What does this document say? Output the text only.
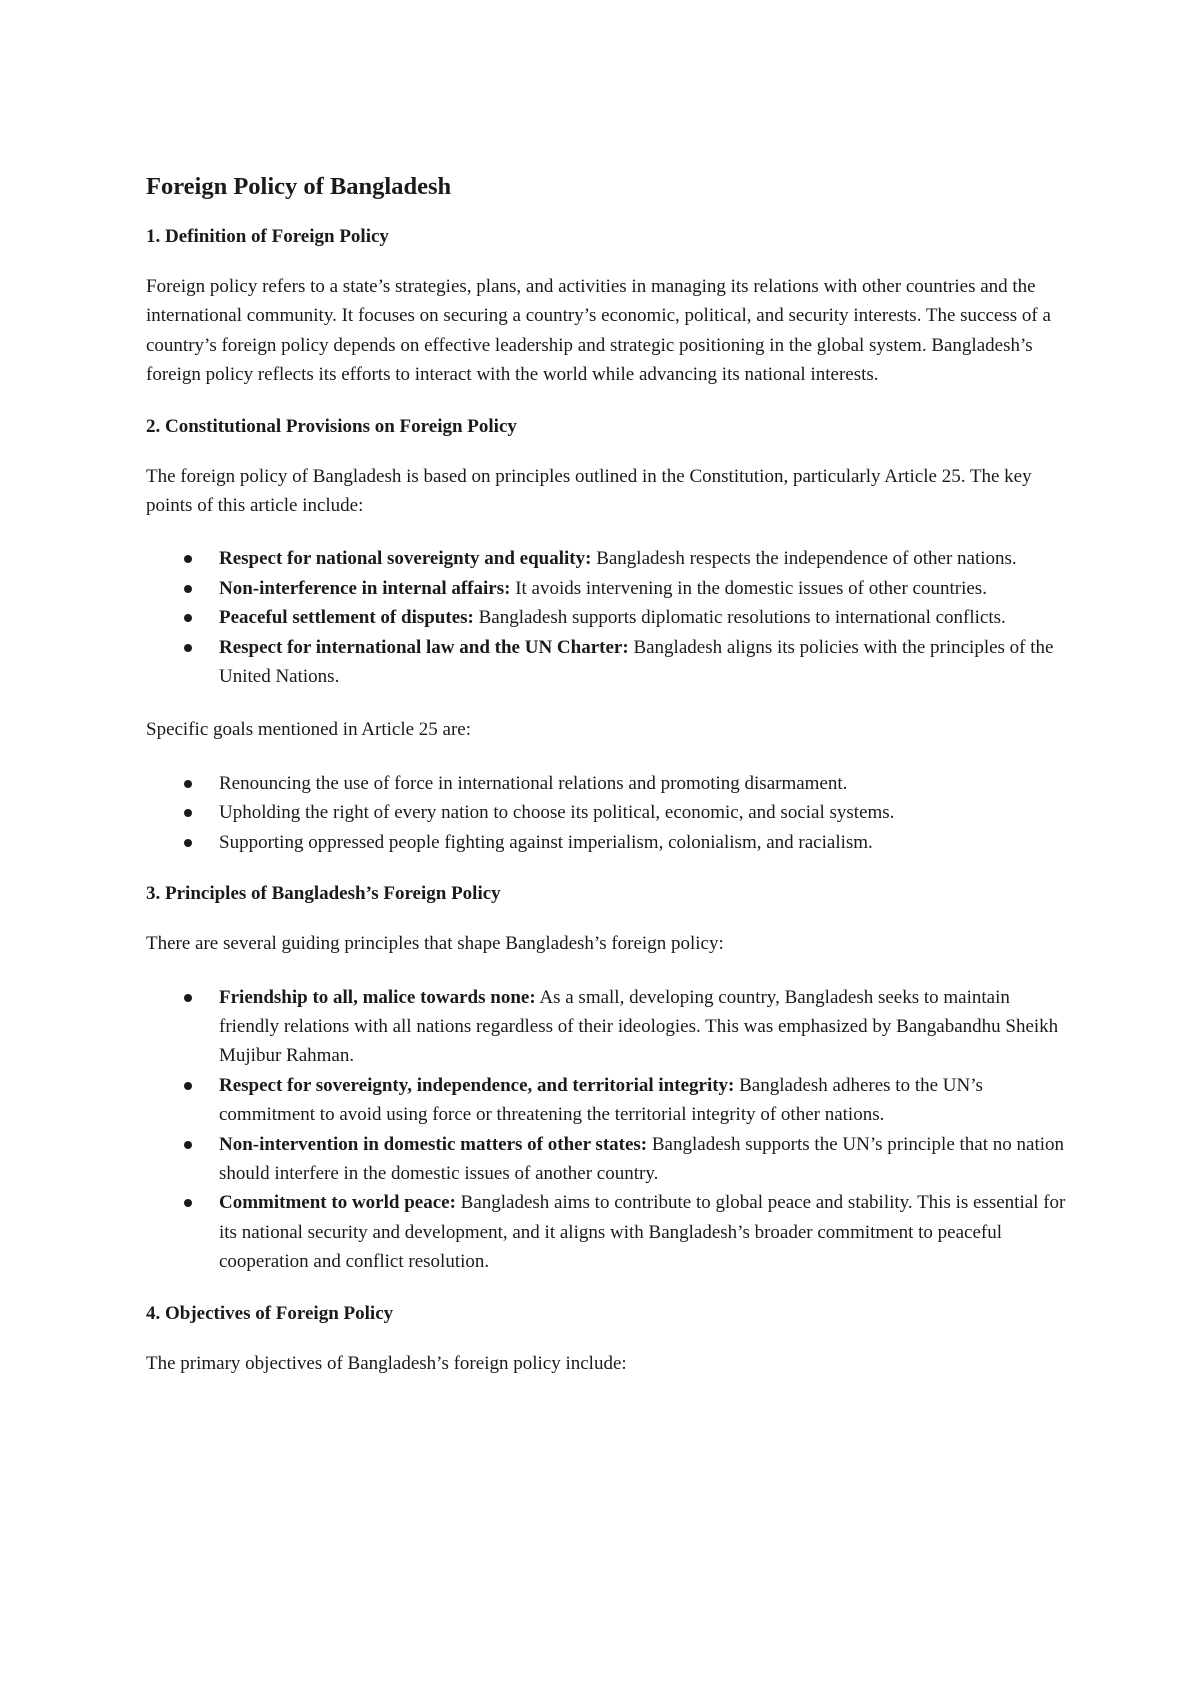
Foreign Policy of Bangladesh
1. Definition of Foreign Policy

Foreign policy refers to a state’s strategies, plans, and activities in managing its relations with other countries and the international community. It focuses on securing a country’s economic, political, and security interests. The success of a country’s foreign policy depends on effective leadership and strategic positioning in the global system. Bangladesh’s foreign policy reflects its efforts to interact with the world while advancing its national interests.

2. Constitutional Provisions on Foreign Policy

The foreign policy of Bangladesh is based on principles outlined in the Constitution, particularly Article 25. The key points of this article include:

Respect for national sovereignty and equality: Bangladesh respects the independence of other nations.
Non-interference in internal affairs: It avoids intervening in the domestic issues of other countries.
Peaceful settlement of disputes: Bangladesh supports diplomatic resolutions to international conflicts.
Respect for international law and the UN Charter: Bangladesh aligns its policies with the principles of the United Nations.

Specific goals mentioned in Article 25 are:

Renouncing the use of force in international relations and promoting disarmament.
Upholding the right of every nation to choose its political, economic, and social systems.
Supporting oppressed people fighting against imperialism, colonialism, and racialism.
3. Principles of Bangladesh’s Foreign Policy

There are several guiding principles that shape Bangladesh’s foreign policy:

Friendship to all, malice towards none: As a small, developing country, Bangladesh seeks to maintain friendly relations with all nations regardless of their ideologies. This was emphasized by Bangabandhu Sheikh Mujibur Rahman.
Respect for sovereignty, independence, and territorial integrity: Bangladesh adheres to the UN’s commitment to avoid using force or threatening the territorial integrity of other nations.
Non-intervention in domestic matters of other states: Bangladesh supports the UN’s principle that no nation should interfere in the domestic issues of another country.
Commitment to world peace: Bangladesh aims to contribute to global peace and stability. This is essential for its national security and development, and it aligns with Bangladesh’s broader commitment to peaceful cooperation and conflict resolution.
4. Objectives of Foreign Policy

The primary objectives of Bangladesh’s foreign policy include:
